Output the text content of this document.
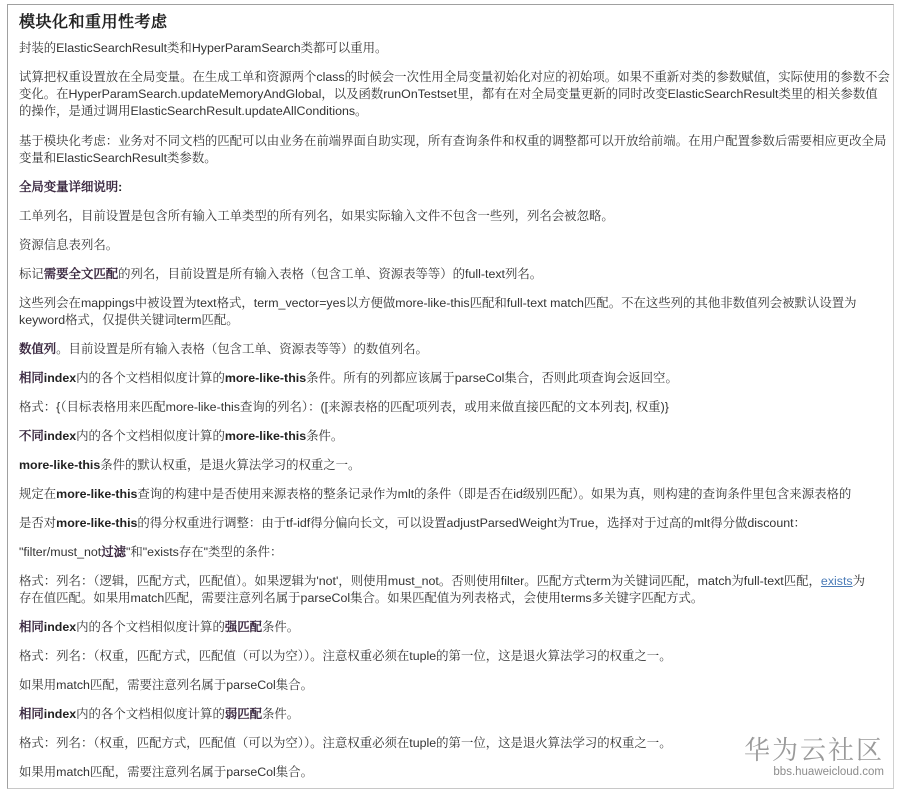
模块化和重用性考虑

封装的ElasticSearchResult类和HyperParamSearch类都可以重用。

试算把权重设置放在全局变量。在生成工单和资源两个class的时候会一次性用全局变量初始化对应的初始项。如果不重新对类的参数赋值，实际使用的参数不会

变化。在HyperParamSearch.updateMemoryAndGlobal，以及函数runOnTestset里，都有在对全局变量更新的同时改变ElasticSearchResult类里的相关参数值

的操作，是通过调用ElasticSearchResult.updateAllConditions。

基于模块化考虑：业务对不同文档的匹配可以由业务在前端界面自助实现，所有查询条件和权重的调整都可以开放给前端。在用户配置参数后需要相应更改全局

变量和ElasticSearchResult类参数。

全局变量详细说明:

工单列名，目前设置是包含所有输入工单类型的所有列名，如果实际输入文件不包含一些列，列名会被忽略。

资源信息表列名。

标记需要全文匹配的列名，目前设置是所有输入表格（包含工单、资源表等等）的full-text列名。

这些列会在mappings中被设置为text格式，term_vector=yes以方便做more-like-this匹配和full-text match匹配。不在这些列的其他非数值列会被默认设置为

keyword格式，仅提供关键词term匹配。

数值列。目前设置是所有输入表格（包含工单、资源表等等）的数值列名。

相同index内的各个文档相似度计算的more-like-this条件。所有的列都应该属于parseCol集合，否则此项查询会返回空。

格式：{（目标表格用来匹配more-like-this查询的列名）：([来源表格的匹配项列表，或用来做直接匹配的文本列表], 权重)}

不同index内的各个文档相似度计算的more-like-this条件。

more-like-this条件的默认权重，是退火算法学习的权重之一。

规定在more-like-this查询的构建中是否使用来源表格的整条记录作为mlt的条件（即是否在id级别匹配）。如果为真，则构建的查询条件里包含来源表格的

是否对more-like-this的得分权重进行调整：由于tf-idf得分偏向长文，可以设置adjustParsedWeight为True，选择对于过高的mlt得分做discount：

"filter/must_not过滤"和"exists存在"类型的条件：

格式：列名：（逻辑，匹配方式，匹配值）。如果逻辑为'not'，则使用must_not。否则使用filter。匹配方式term为关键词匹配，match为full-text匹配，exists为

存在值匹配。如果用match匹配，需要注意列名属于parseCol集合。如果匹配值为列表格式，会使用terms多关键字匹配方式。

相同index内的各个文档相似度计算的强匹配条件。

格式：列名：（权重，匹配方式，匹配值（可以为空））。注意权重必须在tuple的第一位，这是退火算法学习的权重之一。

如果用match匹配，需要注意列名属于parseCol集合。

相同index内的各个文档相似度计算的弱匹配条件。

格式：列名：（权重，匹配方式，匹配值（可以为空））。注意权重必须在tuple的第一位，这是退火算法学习的权重之一。

如果用match匹配，需要注意列名属于parseCol集合。

华为云社区
bbs.huaweicloud.com
